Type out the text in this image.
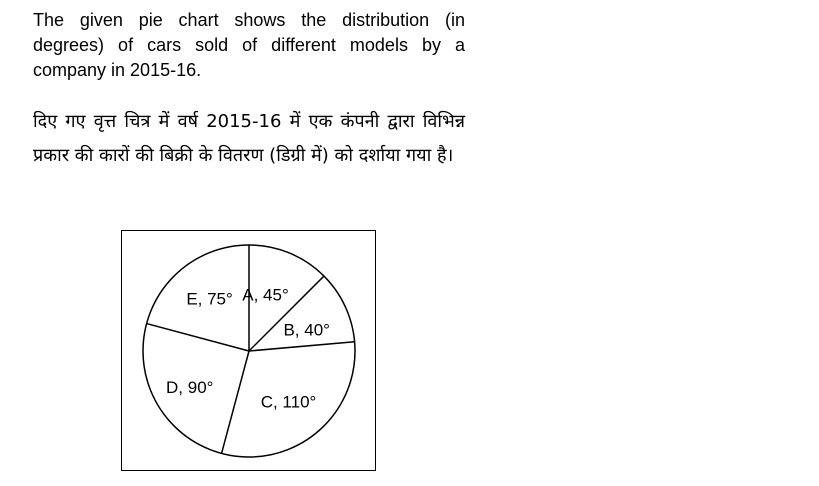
The given pie chart shows the distribution (in degrees) of cars sold of different models by a company in 2015-16.

दिए गए वृत्त चित्र में वर्ष 2015-16 में एक कंपनी द्वारा विभिन्न प्रकार की कारों की बिक्री के वितरण (डिग्री में) को दर्शाया गया है।

A, 45°
B, 40°
C, 110°
D, 90°
E, 75°
